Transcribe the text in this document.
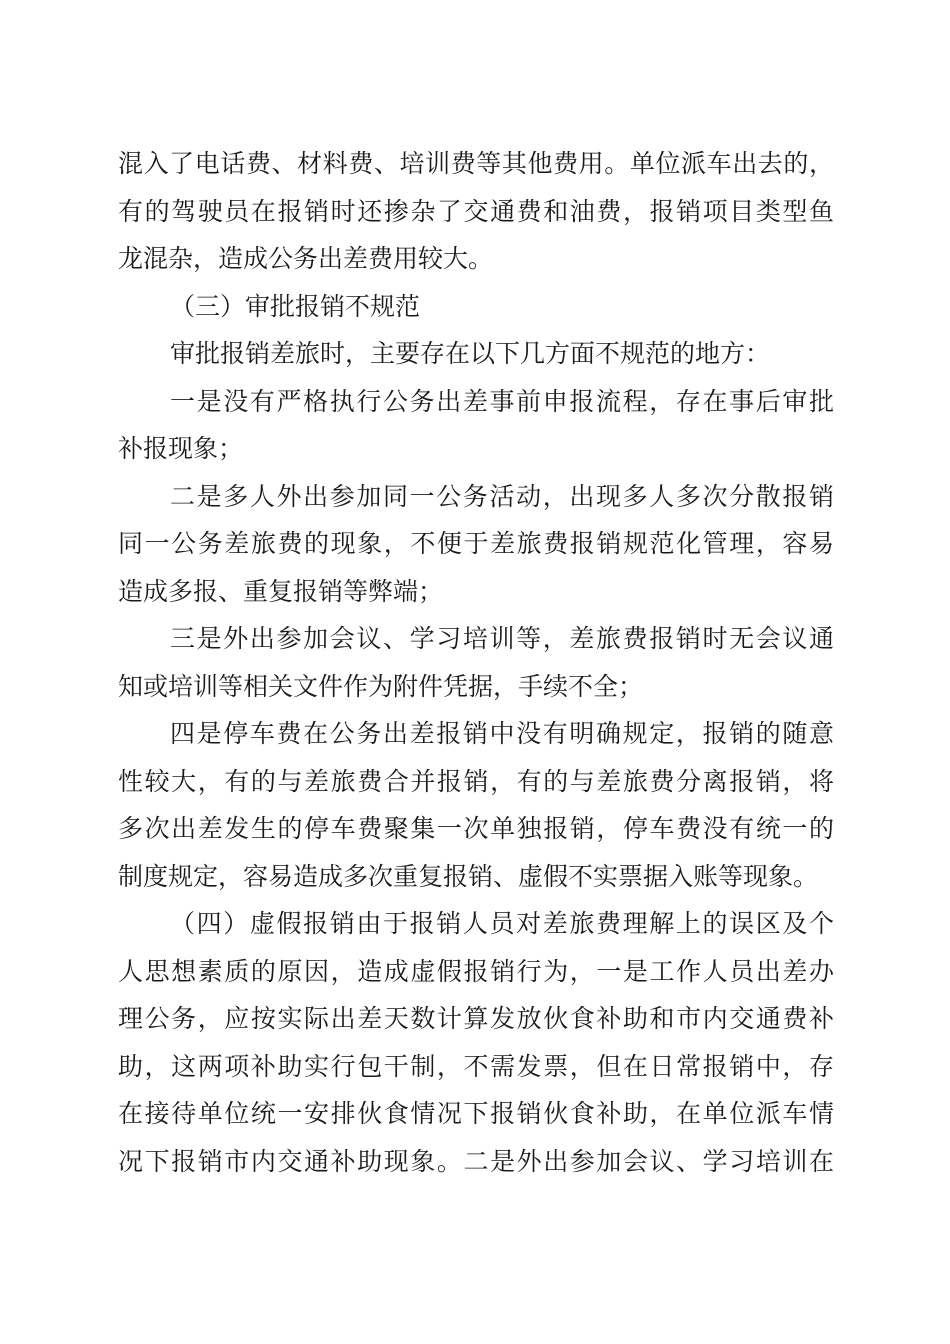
混入了电话费、材料费、培训费等其他费用。单位派车出去的，
有的驾驶员在报销时还掺杂了交通费和油费，报销项目类型鱼
龙混杂，造成公务出差费用较大。
（三）审批报销不规范
审批报销差旅时，主要存在以下几方面不规范的地方：
一是没有严格执行公务出差事前申报流程，存在事后审批
补报现象；
二是多人外出参加同一公务活动，出现多人多次分散报销
同一公务差旅费的现象，不便于差旅费报销规范化管理，容易
造成多报、重复报销等弊端；
三是外出参加会议、学习培训等，差旅费报销时无会议通
知或培训等相关文件作为附件凭据，手续不全；
四是停车费在公务出差报销中没有明确规定，报销的随意
性较大，有的与差旅费合并报销，有的与差旅费分离报销，将
多次出差发生的停车费聚集一次单独报销，停车费没有统一的
制度规定，容易造成多次重复报销、虚假不实票据入账等现象。
（四）虚假报销由于报销人员对差旅费理解上的误区及个
人思想素质的原因，造成虚假报销行为，一是工作人员出差办
理公务，应按实际出差天数计算发放伙食补助和市内交通费补
助，这两项补助实行包干制，不需发票，但在日常报销中，存
在接待单位统一安排伙食情况下报销伙食补助，在单位派车情
况下报销市内交通补助现象。二是外出参加会议、学习培训在
